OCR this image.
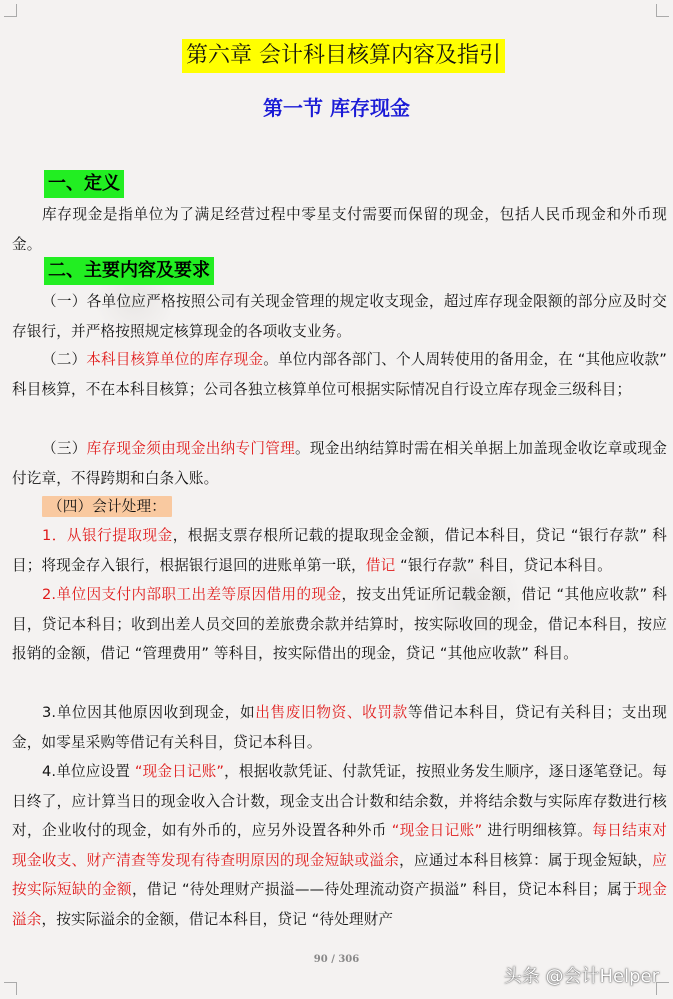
第六章 会计科目核算内容及指引
第一节 库存现金
一、定义
库存现金是指单位为了满足经营过程中零星支付需要而保留的现金，包括人民币现金和外币现金。
二、主要内容及要求
（一）各单位应严格按照公司有关现金管理的规定收支现金，超过库存现金限额的部分应及时交存银行，并严格按照规定核算现金的各项收支业务。
（二）本科目核算单位的库存现金。单位内部各部门、个人周转使用的备用金，在 “其他应收款” 科目核算，不在本科目核算；公司各独立核算单位可根据实际情况自行设立库存现金三级科目；
（三）库存现金须由现金出纳专门管理。现金出纳结算时需在相关单据上加盖现金收讫章或现金付讫章，不得跨期和白条入账。
（四）会计处理：
1．从银行提取现金，根据支票存根所记载的提取现金金额，借记本科目，贷记 “银行存款” 科目；将现金存入银行，根据银行退回的进账单第一联，借记 “银行存款” 科目，贷记本科目。
2.单位因支付内部职工出差等原因借用的现金，按支出凭证所记载金额，借记 “其他应收款” 科目，贷记本科目；收到出差人员交回的差旅费余款并结算时，按实际收回的现金，借记本科目，按应报销的金额，借记 “管理费用” 等科目，按实际借出的现金，贷记 “其他应收款” 科目。
3.单位因其他原因收到现金，如出售废旧物资、收罚款等借记本科目，贷记有关科目；支出现金，如零星采购等借记有关科目，贷记本科目。
4.单位应设置 “现金日记账”，根据收款凭证、付款凭证，按照业务发生顺序，逐日逐笔登记。每日终了，应计算当日的现金收入合计数，现金支出合计数和结余数，并将结余数与实际库存数进行核对，企业收付的现金，如有外币的，应另外设置各种外币 “现金日记账” 进行明细核算。每日结束对现金收支、财产清查等发现有待查明原因的现金短缺或溢余，应通过本科目核算：属于现金短缺，应按实际短缺的金额，借记 “待处理财产损溢——待处理流动资产损溢” 科目，贷记本科目；属于现金溢余，按实际溢余的金额，借记本科目，贷记 “待处理财产
90 / 306
头条 @会计Helper
